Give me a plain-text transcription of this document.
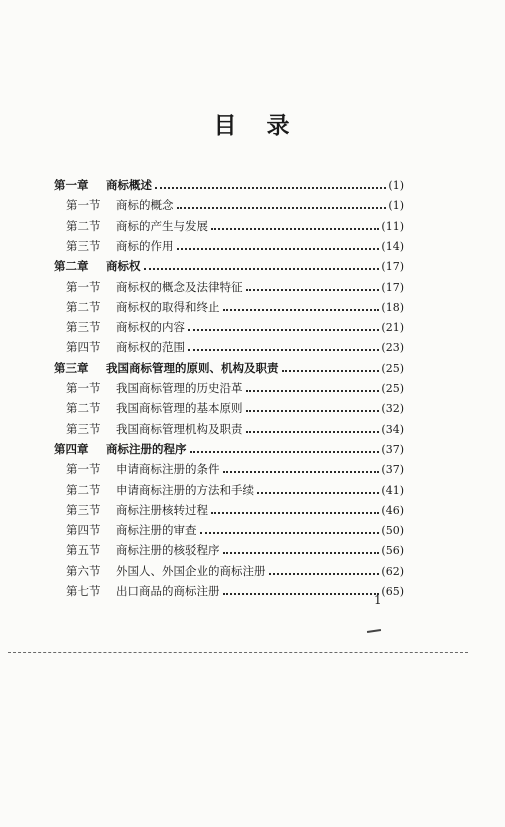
目 录
第一章	商标概述	(1)
第一节	商标的概念	(1)
第二节	商标的产生与发展	(11)
第三节	商标的作用	(14)
第二章	商标权	(17)
第一节	商标权的概念及法律特征	(17)
第二节	商标权的取得和终止	(18)
第三节	商标权的内容	(21)
第四节	商标权的范围	(23)
第三章	我国商标管理的原则、机构及职责	(25)
第一节	我国商标管理的历史沿革	(25)
第二节	我国商标管理的基本原则	(32)
第三节	我国商标管理机构及职责	(34)
第四章	商标注册的程序	(37)
第一节	申请商标注册的条件	(37)
第二节	申请商标注册的方法和手续	(41)
第三节	商标注册核转过程	(46)
第四节	商标注册的审查	(50)
第五节	商标注册的核驳程序	(56)
第六节	外国人、外国企业的商标注册	(62)
第七节	出口商品的商标注册	(65)
1
